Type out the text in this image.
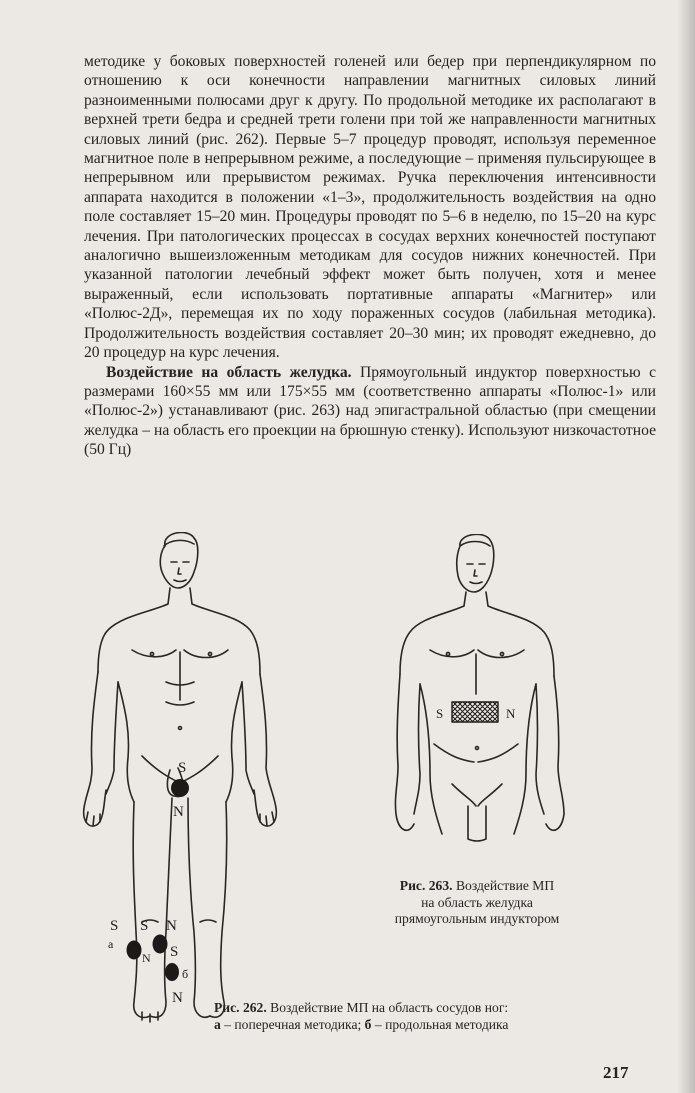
методике у боковых поверхностей голеней или бедер при перпендикулярном по отношению к оси конечности направлении магнитных силовых линий разноименными полюсами друг к другу. По продольной методике их располагают в верхней трети бедра и средней трети голени при той же направленности магнитных силовых линий (рис. 262). Первые 5–7 процедур проводят, используя переменное магнитное поле в непрерывном режиме, а последующие – применяя пульсирующее в непрерывном или прерывистом режимах. Ручка переключения интенсивности аппарата находится в положении «1–3», продолжительность воздействия на одно поле составляет 15–20 мин. Процедуры проводят по 5–6 в неделю, по 15–20 на курс лечения. При патологических процессах в сосудах верхних конечностей поступают аналогично вышеизложенным методикам для сосудов нижних конечностей. При указанной патологии лечебный эффект может быть получен, хотя и менее выраженный, если использовать портативные аппараты «Магнитер» или «Полюс-2Д», перемещая их по ходу пораженных сосудов (лабильная методика). Продолжительность воздействия составляет 20–30 мин; их проводят ежедневно, до 20 процедур на курс лечения.

Воздействие на область желудка. Прямоугольный индуктор поверхностью с размерами 160×55 мм или 175×55 мм (соответственно аппараты «Полюс-1» или «Полюс-2») устанавливают (рис. 263) над эпигастральной областью (при смещении желудка – на область его проекции на брюшную стенку). Используют низкочастотное (50 Гц)

S
N
S
а
S
N
N
S
б
N
S	N
Рис. 263. Воздействие МП
на область желудка
прямоугольным индуктором
Рис. 262. Воздействие МП на область сосудов ног:
а – поперечная методика; б – продольная методика
217
